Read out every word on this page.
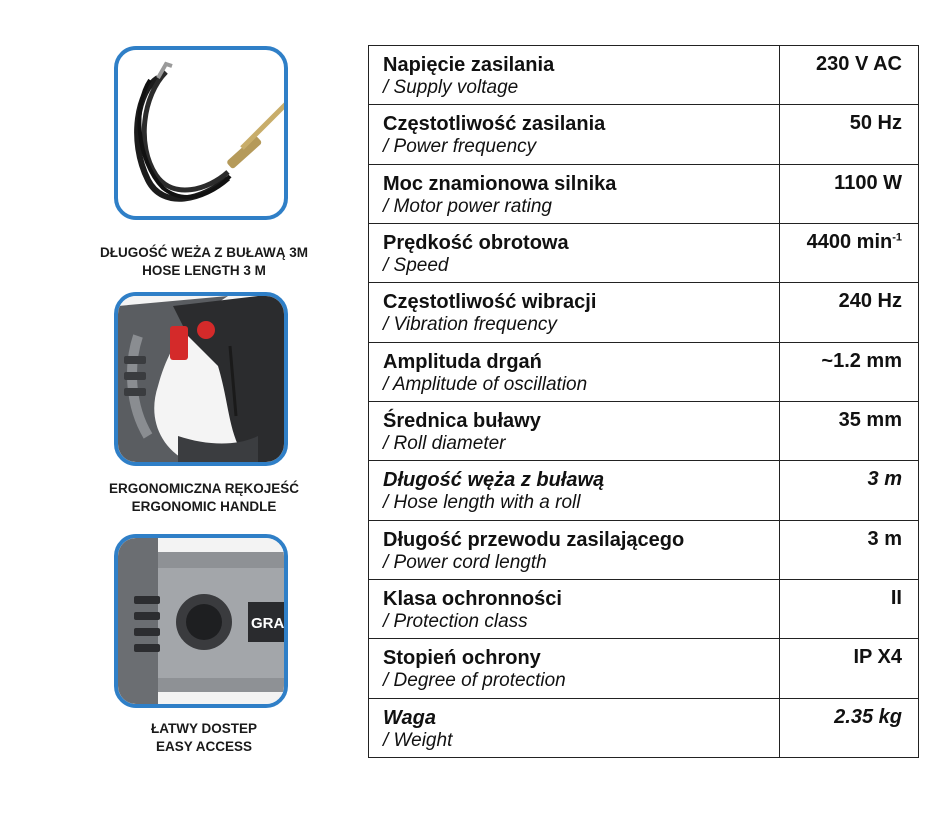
DŁUGOŚĆ WEŻA Z BUŁAWĄ 3M
HOSE LENGTH 3 M
ERGONOMICZNA RĘKOJEŚĆ
ERGONOMIC HANDLE
GRA
ŁATWY DOSTEP
EASY ACCESS
Napięcie zasilania
/ Supply voltage	230 V AC

Częstotliwość zasilania
/ Power frequency	50 Hz

Moc znamionowa silnika
/ Motor power rating	1100 W

Prędkość obrotowa
/ Speed	4400 $\min^{-1}$

Częstotliwość wibracji
/ Vibration frequency	240 Hz

Amplituda drgań
/ Amplitude of oscillation	~1.2 mm

Średnica buławy
/ Roll diameter	35 mm

Długość węża z buławą
/ Hose length with a roll	3 m

Długość przewodu zasilającego
/ Power cord length	3 m

Klasa ochronności
/ Protection class	II

Stopień ochrony
/ Degree of protection	IP X4

Waga
/ Weight	2.35 kg
